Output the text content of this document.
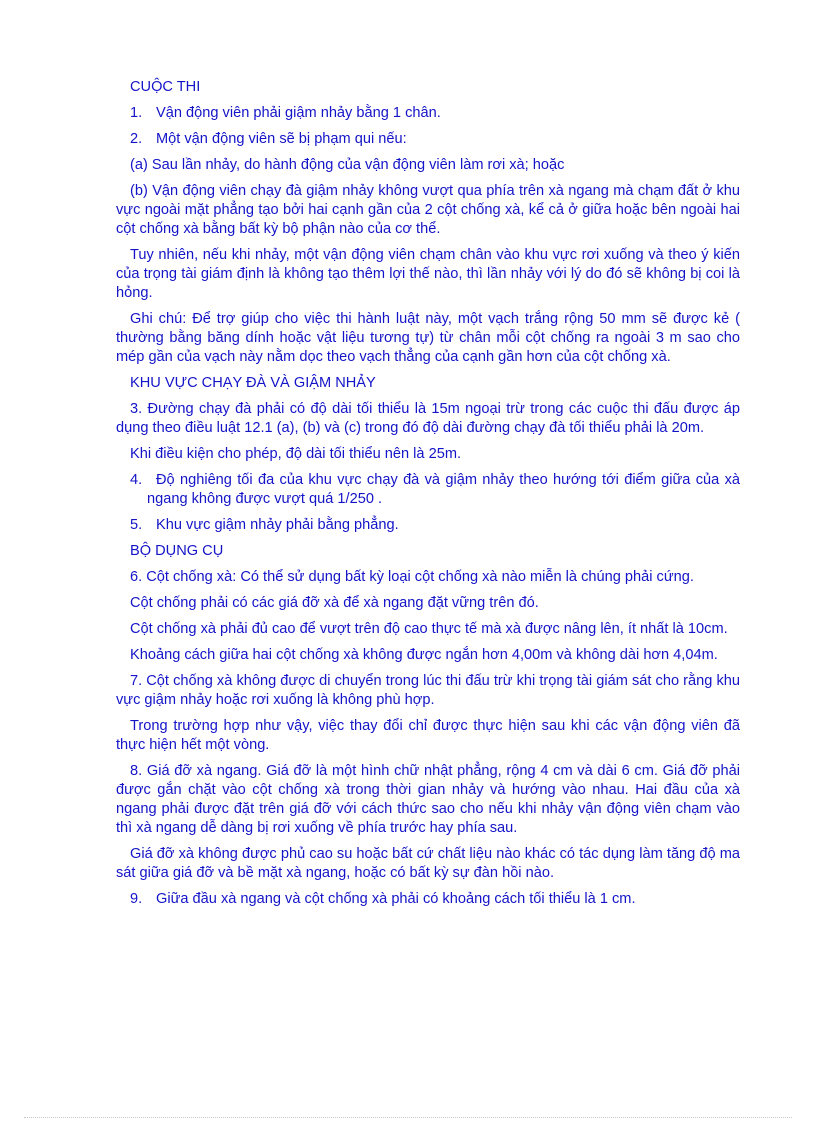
CUỘC THI

1. Vận động viên phải giậm nhảy bằng 1 chân.

2. Một vận động viên sẽ bị phạm qui nếu:

(a) Sau lần nhảy, do hành động của vận động viên làm rơi xà; hoặc

(b) Vận động viên chạy đà giậm nhảy không vượt qua phía trên xà ngang mà chạm đất ở khu vực ngoài mặt phẳng tạo bởi hai cạnh gần của 2 cột chống xà, kể cả ở giữa hoặc bên ngoài hai cột chống xà bằng bất kỳ bộ phận nào của cơ thể.

Tuy nhiên, nếu khi nhảy, một vận động viên chạm chân vào khu vực rơi xuống và theo ý kiến của trọng tài giám định là không tạo thêm lợi thế nào, thì lần nhảy với lý do đó sẽ không bị coi là hỏng.

Ghi chú: Để trợ giúp cho việc thi hành luật này, một vạch trắng rộng 50 mm sẽ được kẻ ( thường bằng băng dính hoặc vật liệu tương tự) từ chân mỗi cột chống ra ngoài 3 m sao cho mép gần của vạch này nằm dọc theo vạch thẳng của cạnh gần hơn của cột chống xà.

KHU VỰC CHẠY ĐÀ VÀ GIẬM NHẢY

3. Đường chạy đà phải có độ dài tối thiểu là 15m ngoại trừ trong các cuộc thi đấu được áp dụng theo điều luật 12.1 (a), (b) và (c) trong đó độ dài đường chạy đà tối thiểu phải là 20m.

Khi điều kiện cho phép, độ dài tối thiểu nên là 25m.

4. Độ nghiêng tối đa của khu vực chạy đà và giậm nhảy theo hướng tới điểm giữa của xà ngang không được vượt quá 1/250 .

5. Khu vực giậm nhảy phải bằng phẳng.

BỘ DỤNG CỤ

6. Cột chống xà: Có thể sử dụng bất kỳ loại cột chống xà nào miễn là chúng phải cứng.

Cột chống phải có các giá đỡ xà để xà ngang đặt vững trên đó.

Cột chống xà phải đủ cao để vượt trên độ cao thực tế mà xà được nâng lên, ít nhất là 10cm.

Khoảng cách giữa hai cột chống xà không được ngắn hơn 4,00m và không dài hơn 4,04m.

7. Cột chống xà không được di chuyển trong lúc thi đấu trừ khi trọng tài giám sát cho rằng khu vực giậm nhảy hoặc rơi xuống là không phù hợp.

Trong trường hợp như vậy, việc thay đổi chỉ được thực hiện sau khi các vận động viên đã thực hiện hết một vòng.

8. Giá đỡ xà ngang. Giá đỡ là một hình chữ nhật phẳng, rộng 4 cm và dài 6 cm. Giá đỡ phải được gắn chặt vào cột chống xà trong thời gian nhảy và hướng vào nhau. Hai đầu của xà ngang phải được đặt trên giá đỡ với cách thức sao cho nếu khi nhảy vận động viên chạm vào thì xà ngang dễ dàng bị rơi xuống về phía trước hay phía sau.

Giá đỡ xà không được phủ cao su hoặc bất cứ chất liệu nào khác có tác dụng làm tăng độ ma sát giữa giá đỡ và bề mặt xà ngang, hoặc có bất kỳ sự đàn hồi nào.

9. Giữa đầu xà ngang và cột chống xà phải có khoảng cách tối thiểu là 1 cm.
